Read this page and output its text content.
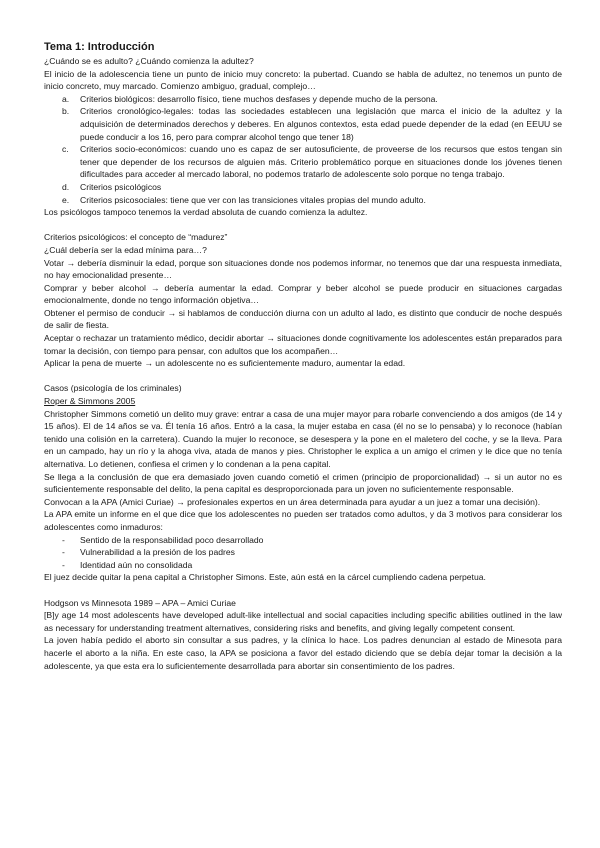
Tema 1: Introducción

¿Cuándo se es adulto? ¿Cuándo comienza la adultez?

El inicio de la adolescencia tiene un punto de inicio muy concreto: la pubertad. Cuando se habla de adultez, no tenemos un punto de inicio concreto, muy marcado. Comienzo ambiguo, gradual, complejo…

a. Criterios biológicos: desarrollo físico, tiene muchos desfases y depende mucho de la persona.
b. Criterios cronológico-legales: todas las sociedades establecen una legislación que marca el inicio de la adultez y la adquisición de determinados derechos y deberes. En algunos contextos, esta edad puede depender de la edad (en EEUU se puede conducir a los 16, pero para comprar alcohol tengo que tener 18)
c. Criterios socio-económicos: cuando uno es capaz de ser autosuficiente, de proveerse de los recursos que estos tengan sin tener que depender de los recursos de alguien más. Criterio problemático porque en situaciones donde los jóvenes tienen dificultades para acceder al mercado laboral, no podemos tratarlo de adolescente solo porque no tenga trabajo.
d. Criterios psicológicos
e. Criterios psicosociales: tiene que ver con las transiciones vitales propias del mundo adulto.

Los psicólogos tampoco tenemos la verdad absoluta de cuando comienza la adultez.

Criterios psicológicos: el concepto de “madurez”

¿Cuál debería ser la edad mínima para…?

Votar → debería disminuir la edad, porque son situaciones donde nos podemos informar, no tenemos que dar una respuesta inmediata, no hay emocionalidad presente…

Comprar y beber alcohol → debería aumentar la edad. Comprar y beber alcohol se puede producir en situaciones cargadas emocionalmente, donde no tengo información objetiva…

Obtener el permiso de conducir → si hablamos de conducción diurna con un adulto al lado, es distinto que conducir de noche después de salir de fiesta.

Aceptar o rechazar un tratamiento médico, decidir abortar → situaciones donde cognitivamente los adolescentes están preparados para tomar la decisión, con tiempo para pensar, con adultos que los acompañen…

Aplicar la pena de muerte → un adolescente no es suficientemente maduro, aumentar la edad.

Casos (psicología de los criminales)

Roper & Simmons 2005

Christopher Simmons cometió un delito muy grave: entrar a casa de una mujer mayor para robarle convenciendo a dos amigos (de 14 y 15 años). El de 14 años se va. Él tenía 16 años. Entró a la casa, la mujer estaba en casa (él no se lo pensaba) y lo reconoce (habían tenido una colisión en la carretera). Cuando la mujer lo reconoce, se desespera y la pone en el maletero del coche, y se la lleva. Para en un campado, hay un río y la ahoga viva, atada de manos y pies. Christopher le explica a un amigo el crimen y le dice que no tenía alternativa. Lo detienen, confiesa el crimen y lo condenan a la pena capital.

Se llega a la conclusión de que era demasiado joven cuando cometió el crimen (principio de proporcionalidad) → si un autor no es suficientemente responsable del delito, la pena capital es desproporcionada para un joven no suficientemente responsable.

Convocan a la APA (Amici Curiae) → profesionales expertos en un área determinada para ayudar a un juez a tomar una decisión).

La APA emite un informe en el que dice que los adolescentes no pueden ser tratados como adultos, y da 3 motivos para considerar los adolescentes como inmaduros:

- Sentido de la responsabilidad poco desarrollado
- Vulnerabilidad a la presión de los padres
- Identidad aún no consolidada

El juez decide quitar la pena capital a Christopher Simons. Este, aún está en la cárcel cumpliendo cadena perpetua.

Hodgson vs Minnesota 1989 – APA – Amici Curiae

[B]y age 14 most adolescents have developed adult-like intellectual and social capacities including specific abilities outlined in the law as necessary for understanding treatment alternatives, considering risks and benefits, and giving legally competent consent.

La joven había pedido el aborto sin consultar a sus padres, y la clínica lo hace. Los padres denuncian al estado de Minesota para hacerle el aborto a la niña. En este caso, la APA se posiciona a favor del estado diciendo que se debía dejar tomar la decisión a la adolescente, ya que esta era lo suficientemente desarrollada para abortar sin consentimiento de los padres.
